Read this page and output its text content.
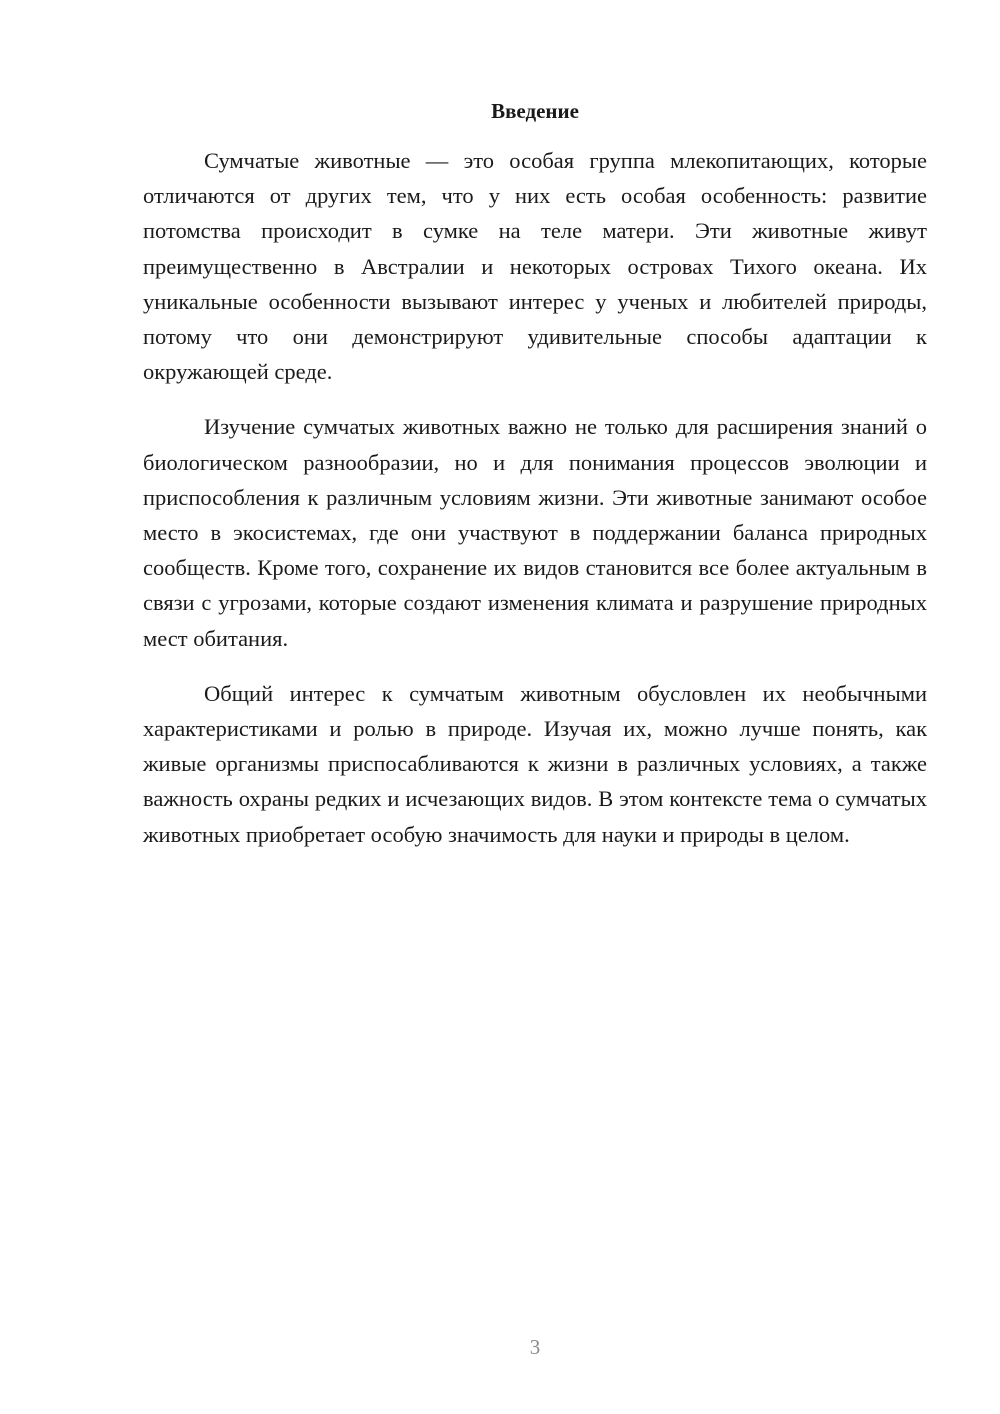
Введение

Сумчатые животные — это особая группа млекопитающих, которые отличаются от других тем, что у них есть особая особенность: развитие потомства происходит в сумке на теле матери. Эти животные живут преимущественно в Австралии и некоторых островах Тихого океана. Их уникальные особенности вызывают интерес у ученых и любителей природы, потому что они демонстрируют удивительные способы адаптации к окружающей среде.

Изучение сумчатых животных важно не только для расширения знаний о биологическом разнообразии, но и для понимания процессов эволюции и приспособления к различным условиям жизни. Эти животные занимают особое место в экосистемах, где они участвуют в поддержании баланса природных сообществ. Кроме того, сохранение их видов становится все более актуальным в связи с угрозами, которые создают изменения климата и разрушение природных мест обитания.

Общий интерес к сумчатым животным обусловлен их необычными характеристиками и ролью в природе. Изучая их, можно лучше понять, как живые организмы приспосабливаются к жизни в различных условиях, а также важность охраны редких и исчезающих видов. В этом контексте тема о сумчатых животных приобретает особую значимость для науки и природы в целом.

3
